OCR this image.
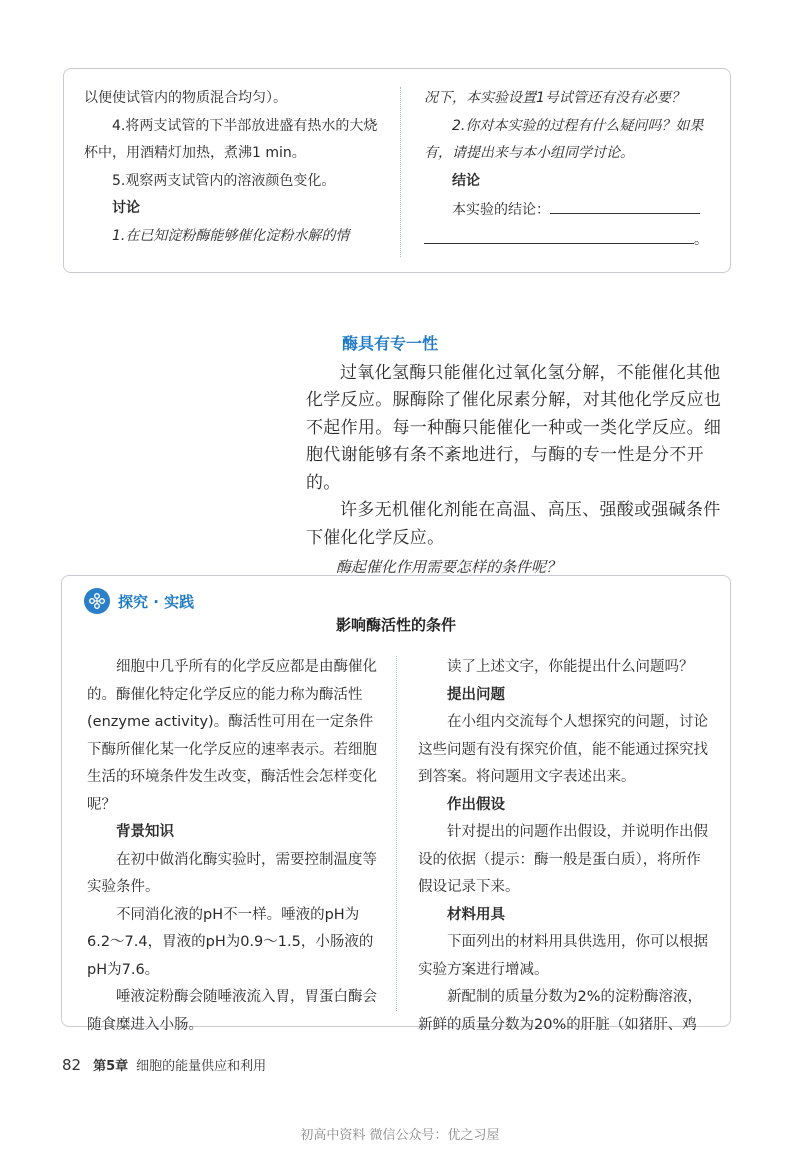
以便使试管内的物质混合均匀）。

4.将两支试管的下半部放进盛有热水的大烧杯中，用酒精灯加热，煮沸1 min。

5.观察两支试管内的溶液颜色变化。

讨论

1.在已知淀粉酶能够催化淀粉水解的情

况下，本实验设置1号试管还有没有必要？

2.你对本实验的过程有什么疑问吗？如果有，请提出来与本小组同学讨论。

结论

本实验的结论：

。

酶具有专一性

过氧化氢酶只能催化过氧化氢分解，不能催化其他化学反应。脲酶除了催化尿素分解，对其他化学反应也不起作用。每一种酶只能催化一种或一类化学反应。细胞代谢能够有条不紊地进行，与酶的专一性是分不开的。

许多无机催化剂能在高温、高压、强酸或强碱条件下催化化学反应。

酶起催化作用需要怎样的条件呢？

探究 · 实践
影响酶活性的条件

细胞中几乎所有的化学反应都是由酶催化的。酶催化特定化学反应的能力称为酶活性 (enzyme activity)。酶活性可用在一定条件下酶所催化某一化学反应的速率表示。若细胞生活的环境条件发生改变，酶活性会怎样变化呢？

背景知识

在初中做消化酶实验时，需要控制温度等实验条件。

不同消化液的pH不一样。唾液的pH为6.2～7.4，胃液的pH为0.9～1.5，小肠液的pH为7.6。

唾液淀粉酶会随唾液流入胃，胃蛋白酶会随食糜进入小肠。

读了上述文字，你能提出什么问题吗？

提出问题

在小组内交流每个人想探究的问题，讨论这些问题有没有探究价值，能不能通过探究找到答案。将问题用文字表述出来。

作出假设

针对提出的问题作出假设，并说明作出假设的依据（提示：酶一般是蛋白质），将所作假设记录下来。

材料用具

下面列出的材料用具供选用，你可以根据实验方案进行增减。

新配制的质量分数为2%的淀粉酶溶液，新鲜的质量分数为20%的肝脏（如猪肝、鸡

82 第5章 细胞的能量供应和利用
初高中资料 微信公众号：优之习屋
